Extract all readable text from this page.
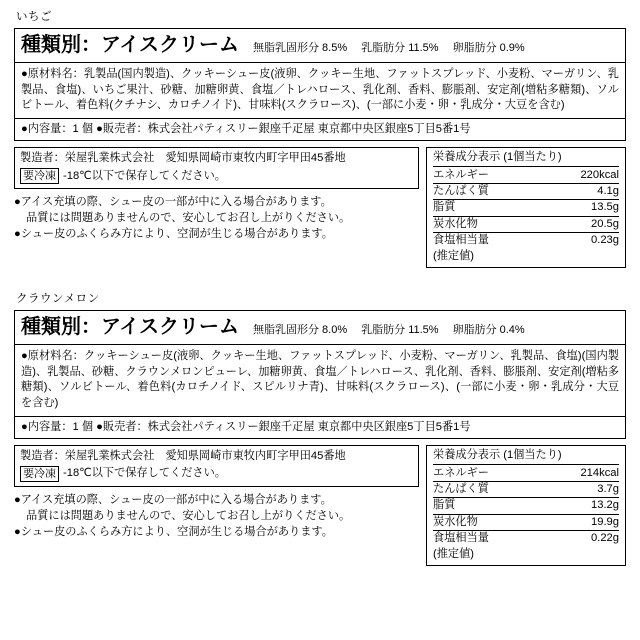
いちご
種類別：アイスクリーム 無脂乳固形分 8.5% 乳脂肪分 11.5% 卵脂肪分 0.9%

●原材料名：乳製品(国内製造)、クッキーシュー皮(液卵、クッキー生地、ファットスプレッド、小麦粉、マーガリン、乳製品、食塩)、いちご果汁、砂糖、加糖卵黄、食塩／トレハロース、乳化剤、香料、膨脹剤、安定剤(増粘多糖類)、ソルビトール、着色料(クチナシ、カロチノイド)、甘味料(スクラロース)、(一部に小麦・卵・乳成分・大豆を含む)

●内容量：1 個 ●販売者：株式会社パティスリー銀座千疋屋 東京都中央区銀座5丁目5番1号
製造者：栄屋乳業株式会社　愛知県岡崎市東牧内町字甲田45番地
要冷凍 -18℃以下で保存してください。
●アイス充填の際、シュー皮の一部が中に入る場合があります。
品質には問題ありませんので、安心してお召し上がりください。
●シュー皮のふくらみ方により、空洞が生じる場合があります。
栄養成分表示 (1個当たり)
エネルギー	220kcal
たんぱく質	4.1g
脂質	13.5g
炭水化物	20.5g
食塩相当量	0.23g
(推定値)
クラウンメロン
種類別：アイスクリーム 無脂乳固形分 8.0% 乳脂肪分 11.5% 卵脂肪分 0.4%

●原材料名：クッキーシュー皮(液卵、クッキー生地、ファットスプレッド、小麦粉、マーガリン、乳製品、食塩)(国内製造)、乳製品、砂糖、クラウンメロンピューレ、加糖卵黄、食塩／トレハロース、乳化剤、香料、膨脹剤、安定剤(増粘多糖類)、ソルビトール、着色料(カロチノイド、スピルリナ青)、甘味料(スクラロース)、(一部に小麦・卵・乳成分・大豆を含む)

●内容量：1 個 ●販売者：株式会社パティスリー銀座千疋屋 東京都中央区銀座5丁目5番1号
製造者：栄屋乳業株式会社　愛知県岡崎市東牧内町字甲田45番地
要冷凍 -18℃以下で保存してください。
●アイス充填の際、シュー皮の一部が中に入る場合があります。
品質には問題ありませんので、安心してお召し上がりください。
●シュー皮のふくらみ方により、空洞が生じる場合があります。
栄養成分表示 (1個当たり)
エネルギー	214kcal
たんぱく質	3.7g
脂質	13.2g
炭水化物	19.9g
食塩相当量	0.22g
(推定値)
